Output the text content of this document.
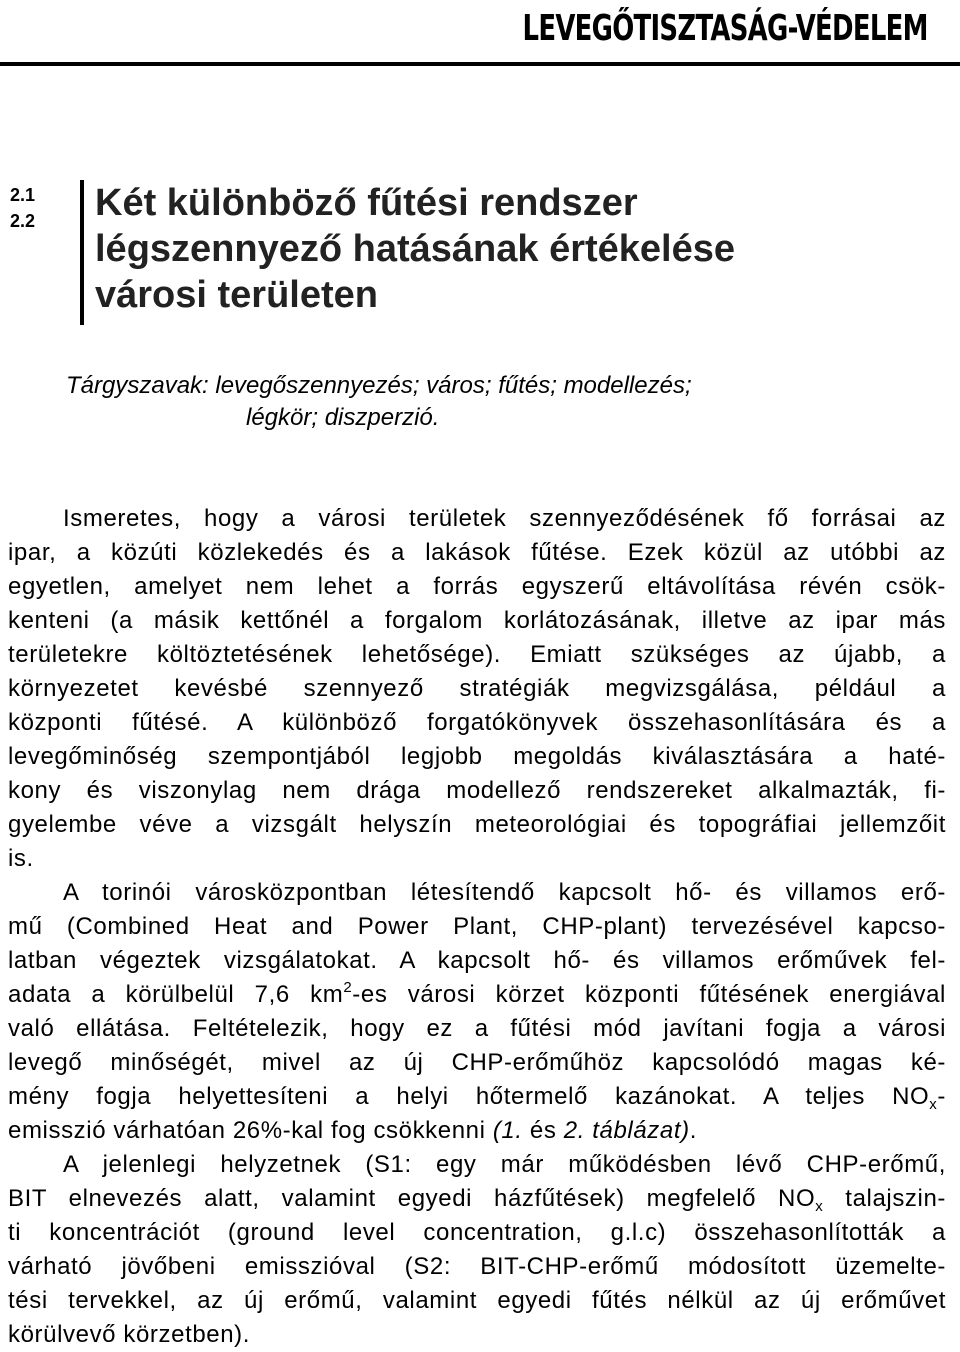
LEVEGŐTISZTASÁG-VÉDELEM
2.1
2.2 Két különböző fűtési rendszer
légszennyező hatásának értékelése
városi területen
Tárgyszavak: levegőszennyezés; város; fűtés; modellezés;
légkör; diszperzió.
Ismeretes, hogy a városi területek szennyeződésének fő forrásai az
ipar, a közúti közlekedés és a lakások fűtése. Ezek közül az utóbbi az
egyetlen, amelyet nem lehet a forrás egyszerű eltávolítása révén csök-
kenteni (a másik kettőnél a forgalom korlátozásának, illetve az ipar más
területekre költöztetésének lehetősége). Emiatt szükséges az újabb, a
környezetet kevésbé szennyező stratégiák megvizsgálása, például a
központi fűtésé. A különböző forgatókönyvek összehasonlítására és a
levegőminőség szempontjából legjobb megoldás kiválasztására a haté-
kony és viszonylag nem drága modellező rendszereket alkalmazták, fi-
gyelembe véve a vizsgált helyszín meteorológiai és topográfiai jellemzőit
is.
A torinói városközpontban létesítendő kapcsolt hő- és villamos erő-
mű (Combined Heat and Power Plant, CHP-plant) tervezésével kapcso-
latban végeztek vizsgálatokat. A kapcsolt hő- és villamos erőművek fel-
adata a körülbelül 7,6 $km^2-es$ városi körzet központi fűtésének energiával
való ellátása. Feltételezik, hogy ez a fűtési mód javítani fogja a városi
levegő minőségét, mivel az új CHP-erőműhöz kapcsolódó magas ké-
mény fogja helyettesíteni a helyi hőtermelő kazánokat. A teljes $NO_x-$
emisszió várhatóan 26%-kal fog csökkenni (1. és 2. táblázat).
A jelenlegi helyzetnek (S1: egy már működésben lévő CHP-erőmű,
BIT elnevezés alatt, valamint egyedi házfűtések) megfelelő $NO_x$ talajszin-
ti koncentrációt (ground level concentration, g.l.c) összehasonlították a
várható jövőbeni emisszióval (S2: BIT-CHP-erőmű módosított üzemelte-
tési tervekkel, az új erőmű, valamint egyedi fűtés nélkül az új erőművet
körülvevő körzetben).
